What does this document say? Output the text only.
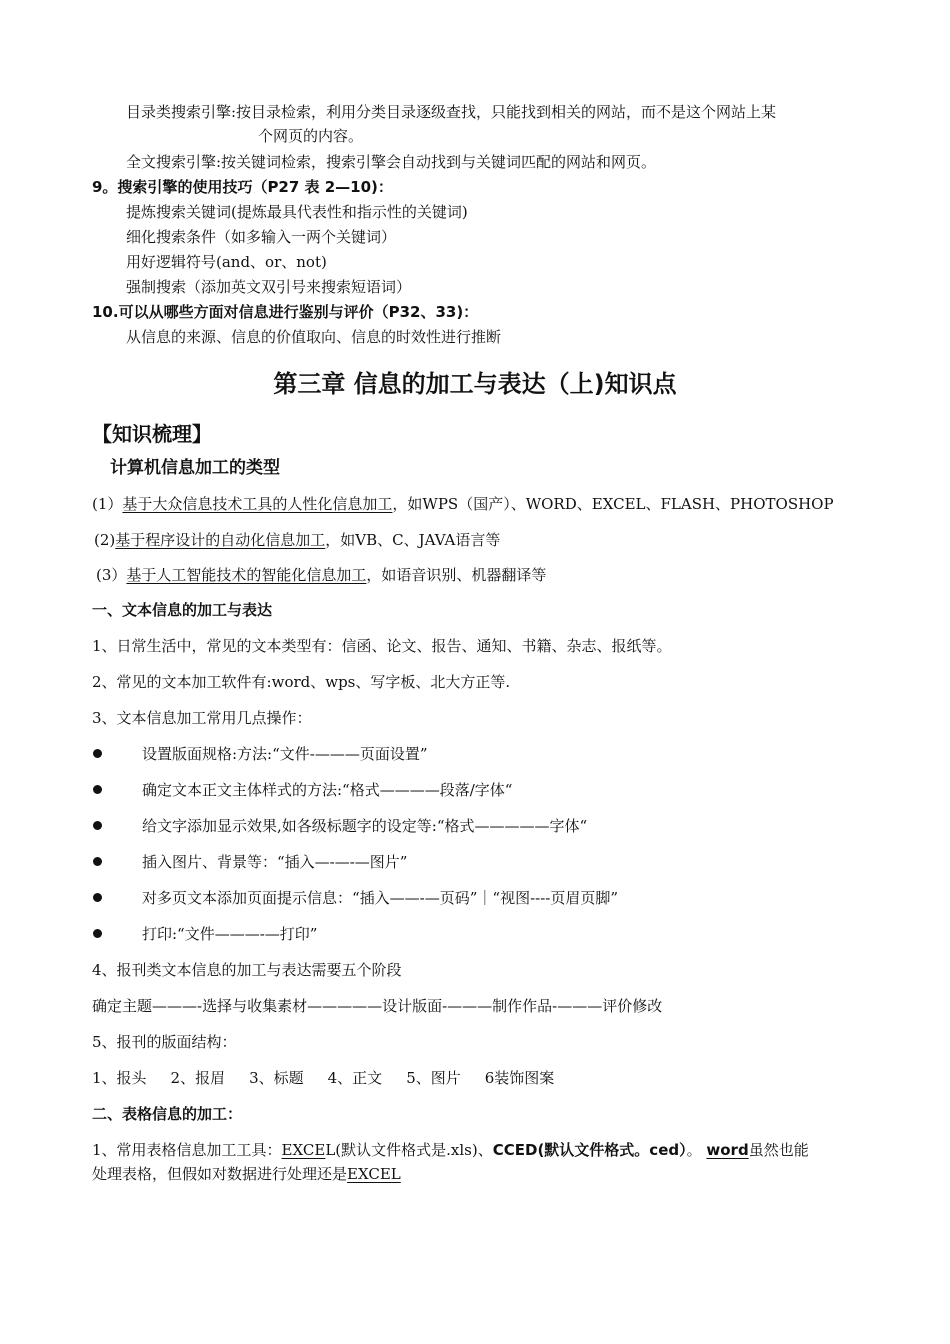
目录类搜索引擎:按目录检索，利用分类目录逐级查找，只能找到相关的网站，而不是这个网站上某
个网页的内容。
全文搜索引擎:按关键词检索，搜索引擎会自动找到与关键词匹配的网站和网页。
9。搜索引擎的使用技巧（P27 表 2—10)：
提炼搜索关键词(提炼最具代表性和指示性的关键词)
细化搜索条件（如多输入一两个关键词）
用好逻辑符号(and、or、not)
强制搜索（添加英文双引号来搜索短语词）
10.可以从哪些方面对信息进行鉴别与评价（P32、33)：
从信息的来源、信息的价值取向、信息的时效性进行推断
第三章 信息的加工与表达（上)知识点
【知识梳理】
计算机信息加工的类型
(1）基于大众信息技术工具的人性化信息加工，如WPS（国产）、WORD、EXCEL、FLASH、PHOTOSHOP
(2)基于程序设计的自动化信息加工，如VB、C、JAVA语言等
(3）基于人工智能技术的智能化信息加工，如语音识别、机器翻译等
一、文本信息的加工与表达
1、日常生活中，常见的文本类型有：信函、论文、报告、通知、书籍、杂志、报纸等。
2、常见的文本加工软件有:word、wps、写字板、北大方正等.
3、文本信息加工常用几点操作：
设置版面规格:方法:“文件-———页面设置”
确定文本正文主体样式的方法:“格式————段落/字体“
给文字添加显示效果,如各级标题字的设定等:“格式—————字体“
插入图片、背景等：“插入—-—-—图片”
对多页文本添加页面提示信息：“插入——-—页码”｜“视图----页眉页脚”
打印:“文件———-—打印”
4、报刊类文本信息的加工与表达需要五个阶段
确定主题———-选择与收集素材—————设计版面-———制作作品-———评价修改
5、报刊的版面结构：
1、报头 2、报眉 3、标题 4、正文 5、图片 6装饰图案
二、表格信息的加工：
1、常用表格信息加工工具：EXCEL(默认文件格式是.xls)、CCED(默认文件格式。ced）。 word虽然也能
处理表格，但假如对数据进行处理还是EXCEL
